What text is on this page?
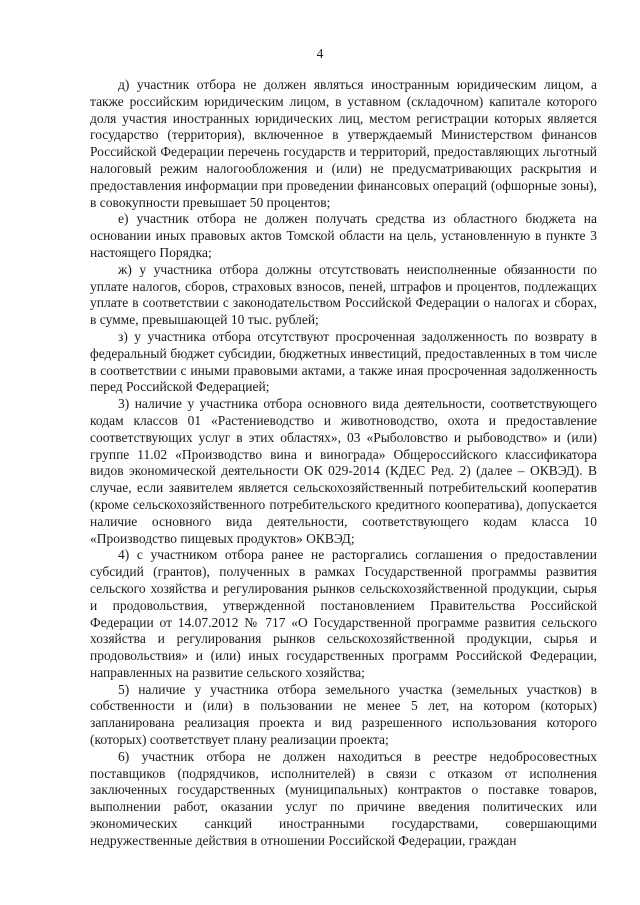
4

д) участник отбора не должен являться иностранным юридическим лицом, а также российским юридическим лицом, в уставном (складочном) капитале которого доля участия иностранных юридических лиц, местом регистрации которых является государство (территория), включенное в утверждаемый Министерством финансов Российской Федерации перечень государств и территорий, предоставляющих льготный налоговый режим налогообложения и (или) не предусматривающих раскрытия и предоставления информации при проведении финансовых операций (офшорные зоны), в совокупности превышает 50 процентов;

е) участник отбора не должен получать средства из областного бюджета на основании иных правовых актов Томской области на цель, установленную в пункте 3 настоящего Порядка;

ж) у участника отбора должны отсутствовать неисполненные обязанности по уплате налогов, сборов, страховых взносов, пеней, штрафов и процентов, подлежащих уплате в соответствии с законодательством Российской Федерации о налогах и сборах, в сумме, превышающей 10 тыс. рублей;

з) у участника отбора отсутствуют просроченная задолженность по возврату в федеральный бюджет субсидии, бюджетных инвестиций, предоставленных в том числе в соответствии с иными правовыми актами, а также иная просроченная задолженность перед Российской Федерацией;

3) наличие у участника отбора основного вида деятельности, соответствующего кодам классов 01 «Растениеводство и животноводство, охота и предоставление соответствующих услуг в этих областях», 03 «Рыболовство и рыбоводство» и (или) группе 11.02 «Производство вина и винограда» Общероссийского классификатора видов экономической деятельности ОК 029-2014 (КДЕС Ред. 2) (далее – ОКВЭД). В случае, если заявителем является сельскохозяйственный потребительский кооператив (кроме сельскохозяйственного потребительского кредитного кооператива), допускается наличие основного вида деятельности, соответствующего кодам класса 10 «Производство пищевых продуктов» ОКВЭД;

4) с участником отбора ранее не расторгались соглашения о предоставлении субсидий (грантов), полученных в рамках Государственной программы развития сельского хозяйства и регулирования рынков сельскохозяйственной продукции, сырья и продовольствия, утвержденной постановлением Правительства Российской Федерации от 14.07.2012 № 717 «О Государственной программе развития сельского хозяйства и регулирования рынков сельскохозяйственной продукции, сырья и продовольствия» и (или) иных государственных программ Российской Федерации, направленных на развитие сельского хозяйства;

5) наличие у участника отбора земельного участка (земельных участков) в собственности и (или) в пользовании не менее 5 лет, на котором (которых) запланирована реализация проекта и вид разрешенного использования которого (которых) соответствует плану реализации проекта;

6) участник отбора не должен находиться в реестре недобросовестных поставщиков (подрядчиков, исполнителей) в связи с отказом от исполнения заключенных государственных (муниципальных) контрактов о поставке товаров, выполнении работ, оказании услуг по причине введения политических или экономических санкций иностранными государствами, совершающими недружественные действия в отношении Российской Федерации, граждан
